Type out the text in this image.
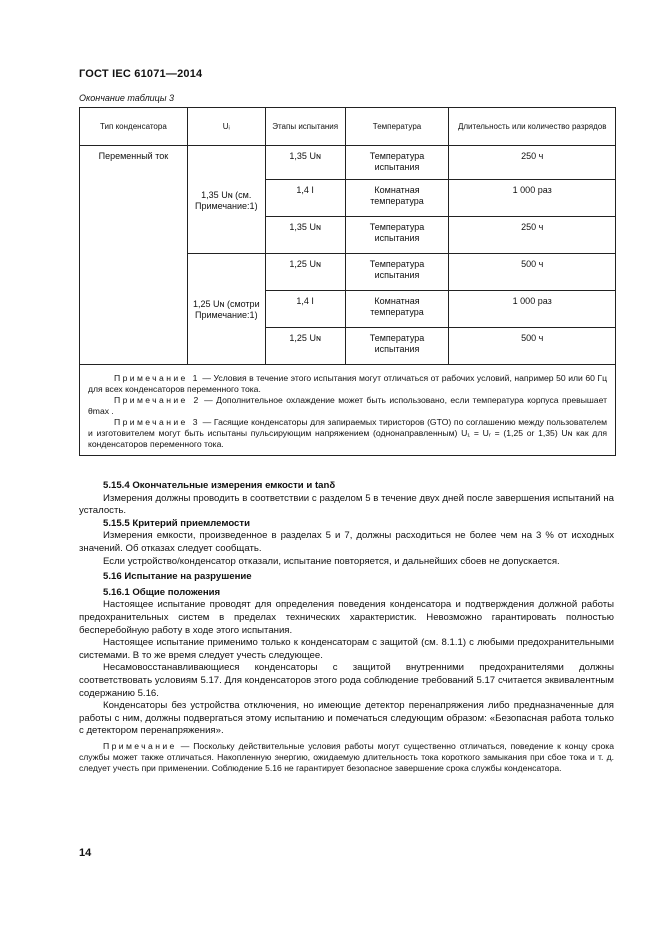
ГОСТ IEC 61071—2014
Окончание таблицы 3
Тип конденсатора	Uᵢ	Этапы испытания	Температура	Длительность или количество разрядов
Переменный ток	1,35 Uɴ (см. Примечание:1)	1,35 Uɴ	Температура испытания	250 ч
		1,4 I	Комнатная температура	1 000 раз
		1,35 Uɴ	Температура испытания	250 ч
	1,25 Uɴ (смотри Примечание:1)	1,25 Uɴ	Температура испытания	500 ч
		1,4 I	Комнатная температура	1 000 раз
		1,25 Uɴ	Температура испытания	500 ч

Примечание 1 — Условия в течение этого испытания могут отличаться от рабочих условий, например 50 или 60 Гц для всех конденсаторов переменного тока.

Примечание 2 — Дополнительное охлаждение может быть использовано, если температура корпуса превышает θmax .

Примечание 3 — Гасящие конденсаторы для запираемых тиристоров (GTO) по соглашению между пользователем и изготовителем могут быть испытаны пульсирующим напряжением (однонаправленным) U₁ = Uᵣ = (1,25 or 1,35) Uɴ как для конденсаторов переменного тока.				

5.15.4 Окончательные измерения емкости и tanδ

Измерения должны проводить в соответствии с разделом 5 в течение двух дней после завершения испытаний на усталость.

5.15.5 Критерий приемлемости

Измерения емкости, произведенное в разделах 5 и 7, должны расходиться не более чем на 3 % от исходных значений. Об отказах следует сообщать.

Если устройство/конденсатор отказали, испытание повторяется, и дальнейших сбоев не допускается.

5.16 Испытание на разрушение

5.16.1 Общие положения

Настоящее испытание проводят для определения поведения конденсатора и подтверждения должной работы предохранительных систем в пределах технических характеристик. Невозможно гарантировать полностью бесперебойную работу в ходе этого испытания.

Настоящее испытание применимо только к конденсаторам с защитой (см. 8.1.1) с любыми предохранительными системами. В то же время следует учесть следующее.

Несамовосстанавливающиеся конденсаторы с защитой внутренними предохранителями должны соответствовать условиям 5.17. Для конденсаторов этого рода соблюдение требований 5.17 считается эквивалентным содержанию 5.16.

Конденсаторы без устройства отключения, но имеющие детектор перенапряжения либо предназначенные для работы с ним, должны подвергаться этому испытанию и помечаться следующим образом: «Безопасная работа только с детектором перенапряжения».

Примечание — Поскольку действительные условия работы могут существенно отличаться, поведение к концу срока службы может также отличаться. Накопленную энергию, ожидаемую длительность тока короткого замыкания при сбое тока и т. д. следует учесть при применении. Соблюдение 5.16 не гарантирует безопасное завершение срока службы конденсатора.

14
